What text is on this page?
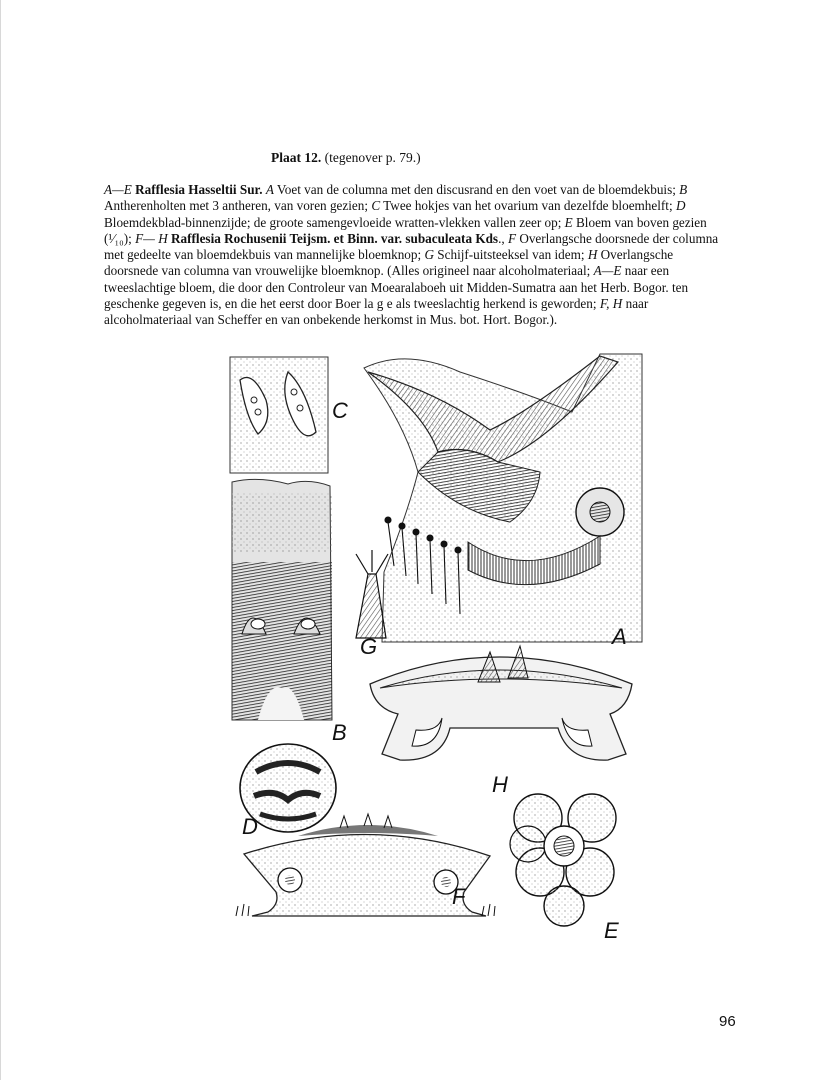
Plaat 12. (tegenover p. 79.)
A—E Rafflesia Hasseltii Sur. A Voet van de columna met den discusrand en den voet van de bloemdekbuis; B Antherenholten met 3 antheren, van voren gezien; C Twee hokjes van het ovarium van dezelfde bloemhelft; D Bloemdekblad-binnenzijde; de groote samengevloeide wratten-vlekken vallen zeer op; E Bloem van boven gezien (¹⁄₁₀); F— H Rafflesia Rochusenii Teijsm. et Binn. var. subaculeata Kds., F Overlangsche doorsnede der columna met gedeelte van bloemdekbuis van mannelijke bloemknop; G Schijf-uitsteeksel van idem; H Overlangsche doorsnede van columna van vrouwelijke bloemknop. (Alles origineel naar alcoholmateriaal; A—E naar een tweeslachtige bloem, die door den Controleur van Moearalaboeh uit Midden-Sumatra aan het Herb. Bogor. ten geschenke gegeven is, en die het eerst door Boer la g e als tweeslachtig herkend is geworden; F, H naar alcoholmateriaal van Scheffer en van onbekende herkomst in Mus. bot. Hort. Bogor.).
C
B
A
G
H
D
E
F
96
